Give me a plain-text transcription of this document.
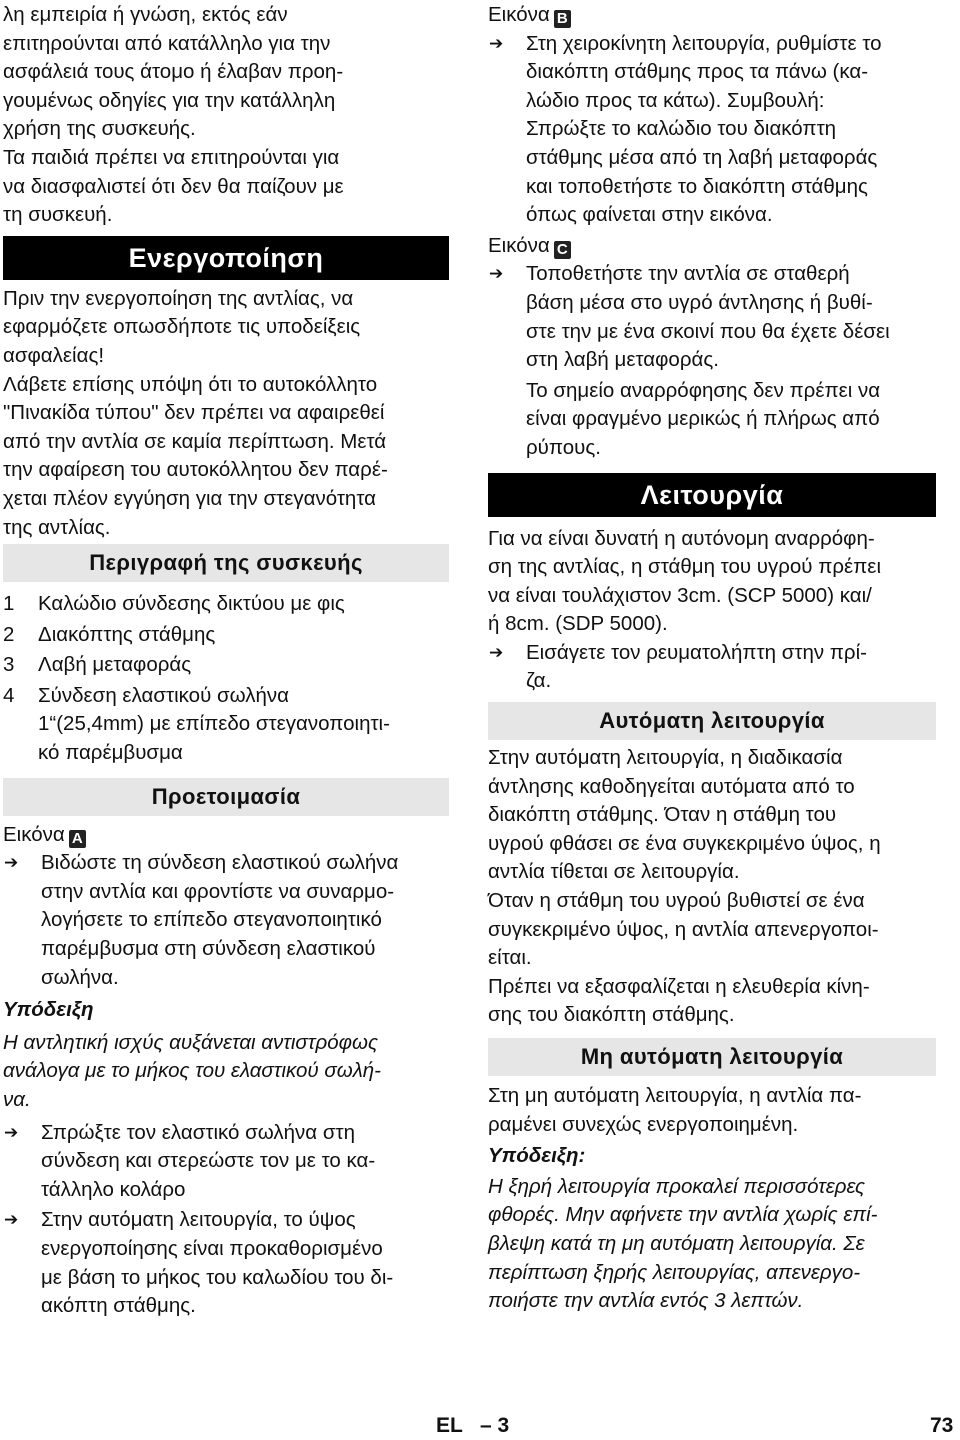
λη εμπειρία ή γνώση, εκτός εάν

επιτηρούνται από κατάλληλο για την

ασφάλειά τους άτομο ή έλαβαν προη-

γουμένως οδηγίες για την κατάλληλη

χρήση της συσκευής.

Τα παιδιά πρέπει να επιτηρούνται για

να διασφαλιστεί ότι δεν θα παίζουν με

τη συσκευή.

Ενεργοποίηση

Πριν την ενεργοποίηση της αντλίας, να

εφαρμόζετε οπωσδήποτε τις υποδείξεις

ασφαλείας!

Λάβετε επίσης υπόψη ότι το αυτοκόλλητο

"Πινακίδα τύπου" δεν πρέπει να αφαιρεθεί

από την αντλία σε καμία περίπτωση. Μετά

την αφαίρεση του αυτοκόλλητου δεν παρέ-

χεται πλέον εγγύηση για την στεγανότητα

της αντλίας.

Περιγραφή της συσκευής
1 Καλώδιο σύνδεσης δικτύου με φις

2 Διακόπτης στάθμης

3 Λαβή μεταφοράς

4 Σύνδεση ελαστικού σωλήνα

1“(25,4mm) με επίπεδο στεγανοποιητι-

κό παρέμβυσμα

Προετοιμασία

Εικόνα A

➔ Βιδώστε τη σύνδεση ελαστικού σωλήνα

στην αντλία και φροντίστε να συναρμο-

λογήσετε το επίπεδο στεγανοποιητικό

παρέμβυσμα στη σύνδεση ελαστικού

σωλήνα.

Υπόδειξη

Η αντλητική ισχύς αυξάνεται αντιστρόφως

ανάλογα με το μήκος του ελαστικού σωλή-

να.

➔ Σπρώξτε τον ελαστικό σωλήνα στη

σύνδεση και στερεώστε τον με το κα-

τάλληλο κολάρο

➔ Στην αυτόματη λειτουργία, το ύψος

ενεργοποίησης είναι προκαθορισμένο

με βάση το μήκος του καλωδίου του δι-

ακόπτη στάθμης.

Εικόνα B

➔ Στη χειροκίνητη λειτουργία, ρυθμίστε το

διακόπτη στάθμης προς τα πάνω (κα-

λώδιο προς τα κάτω). Συμβουλή:

Σπρώξτε το καλώδιο του διακόπτη

στάθμης μέσα από τη λαβή μεταφοράς

και τοποθετήστε το διακόπτη στάθμης

όπως φαίνεται στην εικόνα.

Εικόνα C

➔ Τοποθετήστε την αντλία σε σταθερή

βάση μέσα στο υγρό άντλησης ή βυθί-

στε την με ένα σκοινί που θα έχετε δέσει

στη λαβή μεταφοράς.

Το σημείο αναρρόφησης δεν πρέπει να

είναι φραγμένο μερικώς ή πλήρως από

ρύπους.

Λειτουργία

Για να είναι δυνατή η αυτόνομη αναρρόφη-

ση της αντλίας, η στάθμη του υγρού πρέπει

να είναι τουλάχιστον 3cm. (SCP 5000) και/

ή 8cm. (SDP 5000).

➔ Εισάγετε τον ρευματολήπτη στην πρί-

ζα.

Αυτόματη λειτουργία

Στην αυτόματη λειτουργία, η διαδικασία

άντλησης καθοδηγείται αυτόματα από το

διακόπτη στάθμης. Όταν η στάθμη του

υγρού φθάσει σε ένα συγκεκριμένο ύψος, η

αντλία τίθεται σε λειτουργία.

Όταν η στάθμη του υγρού βυθιστεί σε ένα

συγκεκριμένο ύψος, η αντλία απενεργοποι-

είται.

Πρέπει να εξασφαλίζεται η ελευθερία κίνη-

σης του διακόπτη στάθμης.

Μη αυτόματη λειτουργία

Στη μη αυτόματη λειτουργία, η αντλία πα-

ραμένει συνεχώς ενεργοποιημένη.

Υπόδειξη:

Η ξηρή λειτουργία προκαλεί περισσότερες

φθορές. Μην αφήνετε την αντλία χωρίς επί-

βλεψη κατά τη μη αυτόματη λειτουργία. Σε

περίπτωση ξηρής λειτουργίας, απενεργο-

ποιήστε την αντλία εντός 3 λεπτών.

EL – 3	73
